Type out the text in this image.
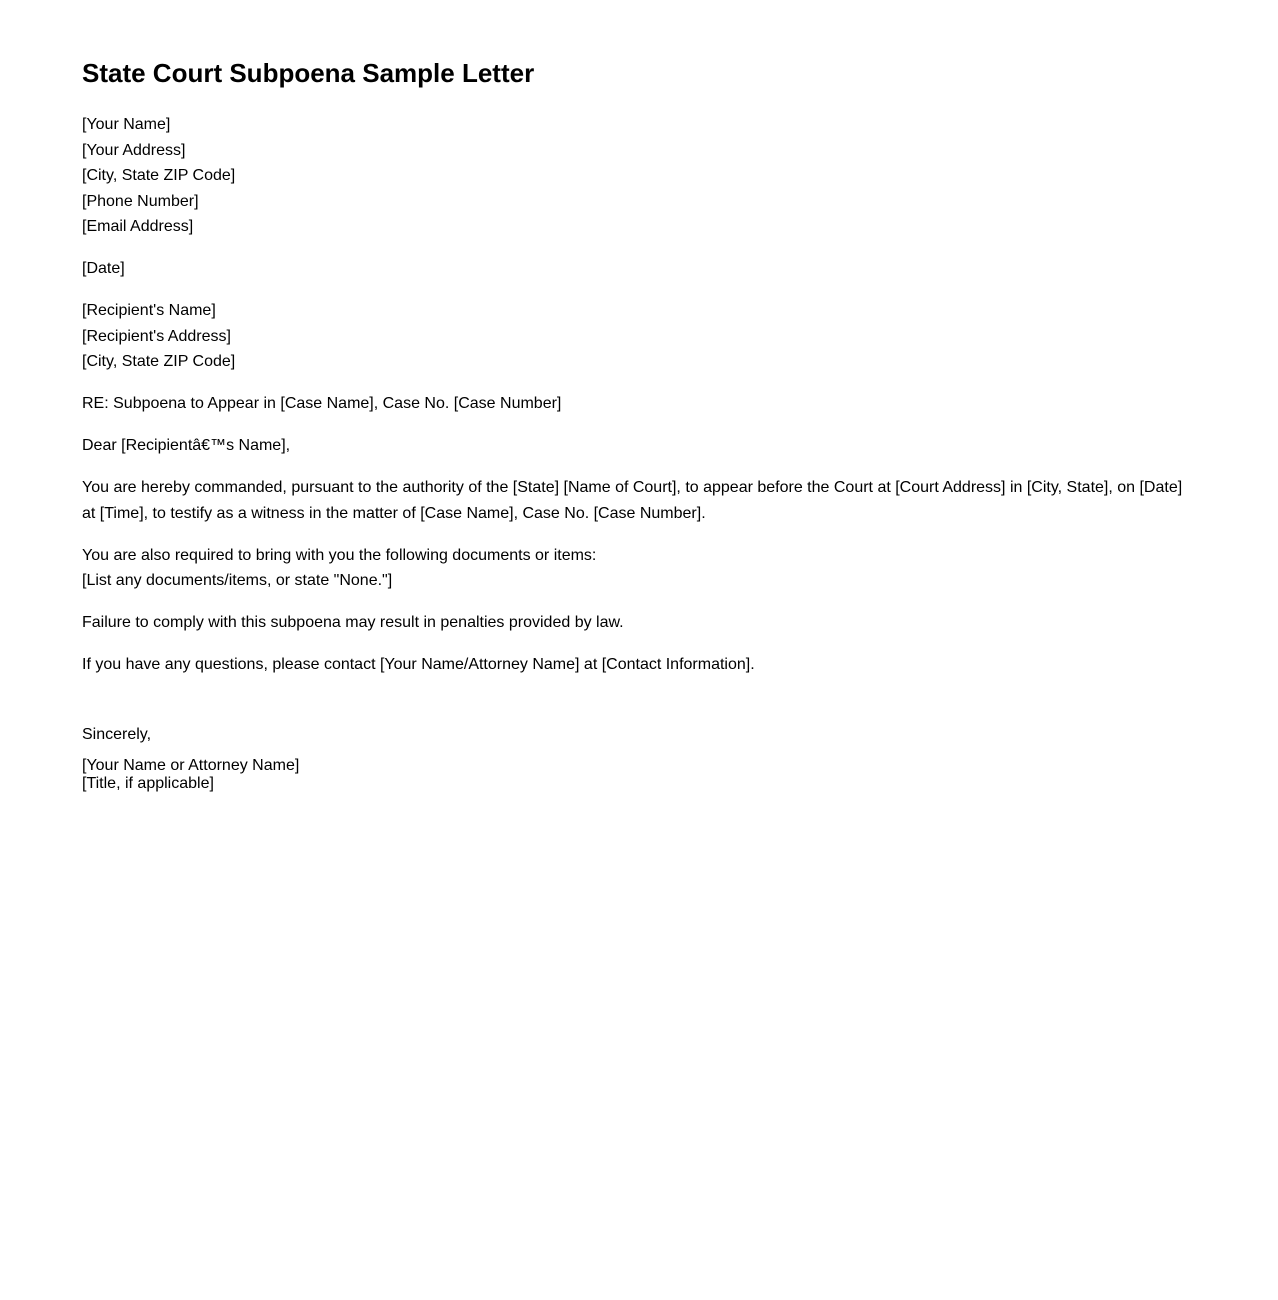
State Court Subpoena Sample Letter

[Your Name]
[Your Address]
[City, State ZIP Code]
[Phone Number]
[Email Address]

[Date]

[Recipient's Name]
[Recipient's Address]
[City, State ZIP Code]

RE: Subpoena to Appear in [Case Name], Case No. [Case Number]

Dear [Recipientâ€™s Name],

You are hereby commanded, pursuant to the authority of the [State] [Name of Court], to appear before the Court at [Court Address] in [City, State], on [Date] at [Time], to testify as a witness in the matter of [Case Name], Case No. [Case Number].

You are also required to bring with you the following documents or items:
[List any documents/items, or state "None."]

Failure to comply with this subpoena may result in penalties provided by law.

If you have any questions, please contact [Your Name/Attorney Name] at [Contact Information].

Sincerely,

[Your Name or Attorney Name]
[Title, if applicable]
